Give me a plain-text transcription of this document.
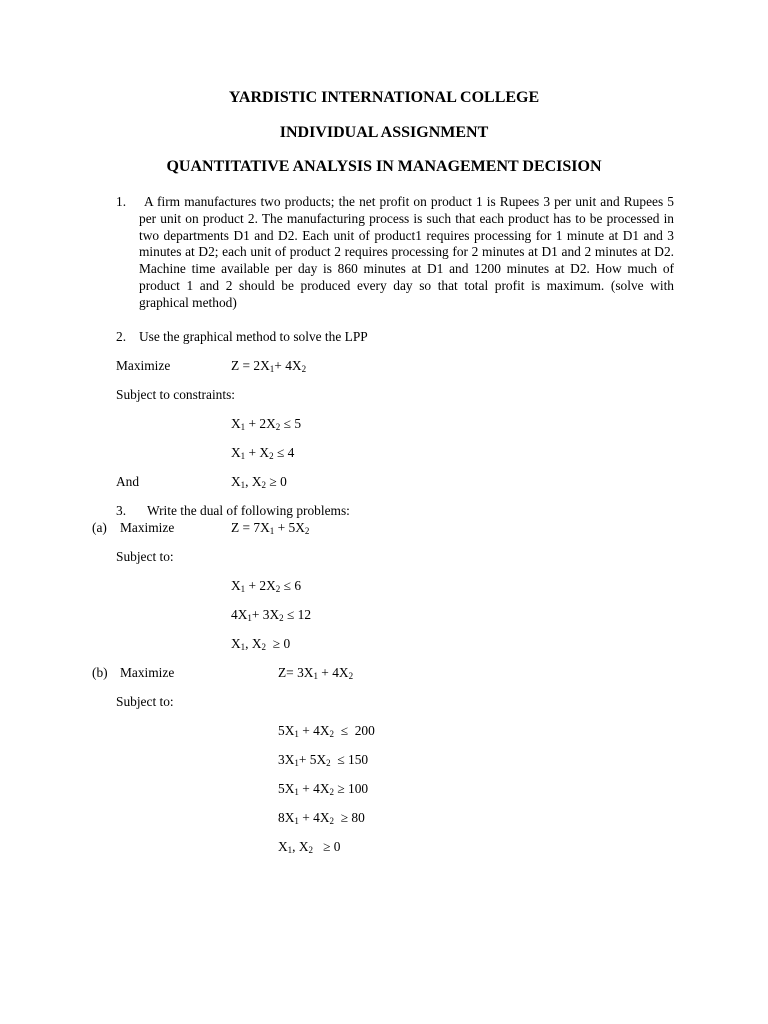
YARDISTIC INTERNATIONAL COLLEGE
INDIVIDUAL ASSIGNMENT
QUANTITATIVE ANALYSIS IN MANAGEMENT DECISION
1.	A firm manufactures two products; the net profit on product 1 is Rupees 3 per unit and Rupees 5 per unit on product 2. The manufacturing process is such that each product has to be processed in two departments D1 and D2. Each unit of product1 requires processing for 1 minute at D1 and 3 minutes at D2; each unit of product 2 requires processing for 2 minutes at D1 and 2 minutes at D2. Machine time available per day is 860 minutes at D1 and 1200 minutes at D2. How much of product 1 and 2 should be produced every day so that total profit is maximum. (solve with graphical method)
2. Use the graphical method to solve the LPP
Maximize	$Z = 2X_1+ 4X_2$
Subject to constraints:
$X_1 + 2X_2 \le 5$
$X_1 + X_2 \le 4$
And	$X_1$, $X_2 \ge 0$
3. Write the dual of following problems:
(a) Maximize	$Z = 7X_1 + 5X_2$
Subject to:
$X_1 + 2X_2 \le 6$
$4X_1+ 3X_2 \le 12$
$X_1$, $X_2 \ge 0$
(b) Maximize	$Z= 3X_1 + 4X_2$
Subject to:
$5X_1 + 4X_2 \le 200$
$3X_1+ 5X_2 \le 150$
$5X_1 + 4X_2 \ge 100$
$8X_1 + 4X_2 \ge 80$
$X_1$, $X_2 \ge 0$
